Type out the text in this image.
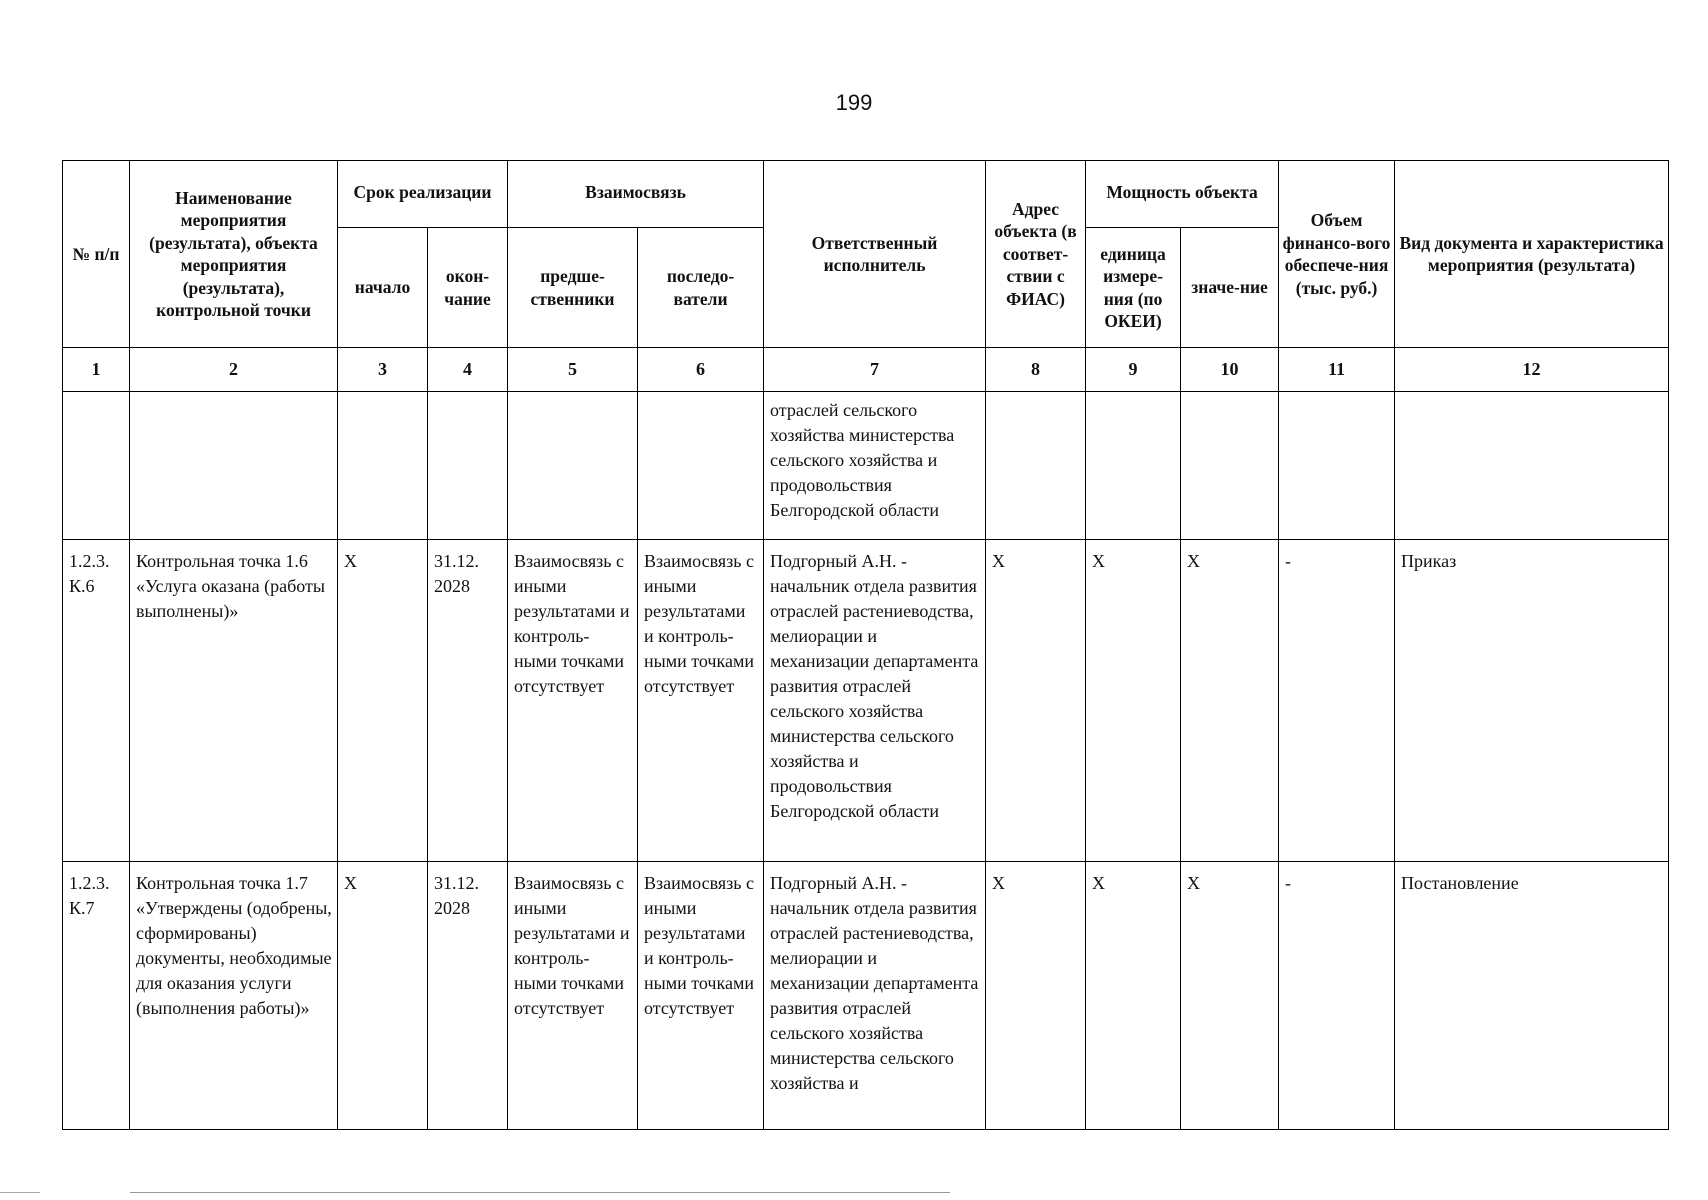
199
№ п/п	Наименование мероприятия (результата), объекта мероприятия (результата), контрольной точки	Срок реализации		Взаимосвязь		Ответственный исполнитель	Адрес объекта (в соответ-ствии с ФИАС)	Мощность объекта		Объем финансо-вого обеспече-ния (тыс. руб.)	Вид документа и характеристика мероприятия (результата)
		начало	окон-чание	предше-ственники	последо-ватели			единица измере-ния (по ОКЕИ)	значе-ние		
1	2	3	4	5	6	7	8	9	10	11	12
						отраслей сельского хозяйства министерства сельского хозяйства и продовольствия Белгородской области					
1.2.3. К.6	Контрольная точка 1.6 «Услуга оказана (работы выполнены)»	X	31.12. 2028	Взаимосвязь с иными результатами и контроль-ными точками отсутствует	Взаимосвязь с иными результатами и контроль-ными точками отсутствует	Подгорный А.Н. - начальник отдела развития отраслей растениеводства, мелиорации и механизации департамента развития отраслей сельского хозяйства министерства сельского хозяйства и продовольствия Белгородской области	X	X	X	-	Приказ
1.2.3. К.7	Контрольная точка 1.7 «Утверждены (одобрены, сформированы) документы, необходимые для оказания услуги (выполнения работы)»	X	31.12. 2028	Взаимосвязь с иными результатами и контроль-ными точками отсутствует	Взаимосвязь с иными результатами и контроль-ными точками отсутствует	Подгорный А.Н. - начальник отдела развития отраслей растениеводства, мелиорации и механизации департамента развития отраслей сельского хозяйства министерства сельского хозяйства и	X	X	X	-	Постановление
